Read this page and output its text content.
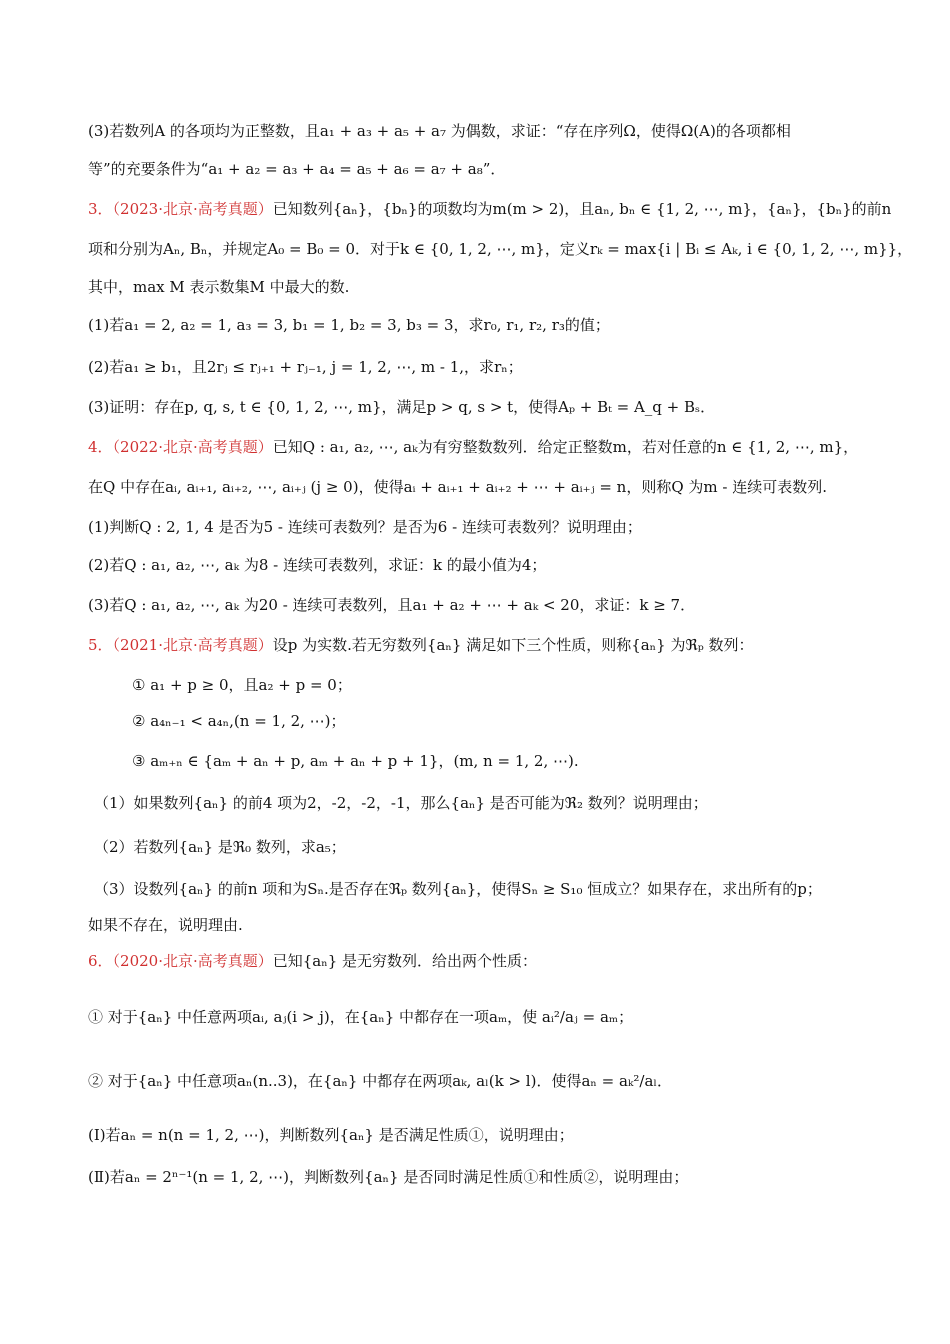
(3)若数列A 的各项均为正整数，且a₁ + a₃ + a₅ + a₇ 为偶数，求证：“存在序列Ω，使得Ω(A)的各项都相
等”的充要条件为“a₁ + a₂ = a₃ + a₄ = a₅ + a₆ = a₇ + a₈”．
3．（2023·北京·高考真题）已知数列{aₙ}，{bₙ}的项数均为m(m > 2)，且aₙ, bₙ ∈ {1, 2, ⋯, m}，{aₙ}，{bₙ}的前n
项和分别为Aₙ, Bₙ，并规定A₀ = B₀ = 0．对于k ∈ {0, 1, 2, ⋯, m}，定义rₖ = max{i | Bᵢ ≤ Aₖ, i ∈ {0, 1, 2, ⋯, m}}，
其中，max M 表示数集M 中最大的数.
(1)若a₁ = 2, a₂ = 1, a₃ = 3, b₁ = 1, b₂ = 3, b₃ = 3，求r₀, r₁, r₂, r₃的值；
(2)若a₁ ≥ b₁，且2rⱼ ≤ rⱼ₊₁ + rⱼ₋₁, j = 1, 2, ⋯, m - 1,，求rₙ；
(3)证明：存在p, q, s, t ∈ {0, 1, 2, ⋯, m}，满足p > q, s > t，使得Aₚ + Bₜ = A_q + Bₛ．
4．（2022·北京·高考真题）已知Q : a₁, a₂, ⋯, aₖ为有穷整数数列．给定正整数m，若对任意的n ∈ {1, 2, ⋯, m}，
在Q 中存在aᵢ, aᵢ₊₁, aᵢ₊₂, ⋯, aᵢ₊ⱼ (j ≥ 0)，使得aᵢ + aᵢ₊₁ + aᵢ₊₂ + ⋯ + aᵢ₊ⱼ = n，则称Q 为m - 连续可表数列.
(1)判断Q : 2, 1, 4 是否为5 - 连续可表数列？是否为6 - 连续可表数列？说明理由；
(2)若Q : a₁, a₂, ⋯, aₖ 为8 - 连续可表数列，求证：k 的最小值为4；
(3)若Q : a₁, a₂, ⋯, aₖ 为20 - 连续可表数列，且a₁ + a₂ + ⋯ + aₖ < 20，求证：k ≥ 7．
5．（2021·北京·高考真题）设p 为实数.若无穷数列{aₙ} 满足如下三个性质，则称{aₙ} 为ℜₚ 数列：
① a₁ + p ≥ 0，且a₂ + p = 0；
② a₄ₙ₋₁ < a₄ₙ,(n = 1, 2, ⋯)；
③ aₘ₊ₙ ∈ {aₘ + aₙ + p, aₘ + aₙ + p + 1}，(m, n = 1, 2, ⋯).
（1）如果数列{aₙ} 的前4 项为2，-2，-2，-1，那么{aₙ} 是否可能为ℜ₂ 数列？说明理由；
（2）若数列{aₙ} 是ℜ₀ 数列，求a₅；
（3）设数列{aₙ} 的前n 项和为Sₙ.是否存在ℜₚ 数列{aₙ}，使得Sₙ ≥ S₁₀ 恒成立？如果存在，求出所有的p；
如果不存在，说明理由.
6．（2020·北京·高考真题）已知{aₙ} 是无穷数列．给出两个性质：
① 对于{aₙ} 中任意两项aᵢ, aⱼ(i > j)，在{aₙ} 中都存在一项aₘ，使 aᵢ²/aⱼ = aₘ；
② 对于{aₙ} 中任意项aₙ(n..3)，在{aₙ} 中都存在两项aₖ, aₗ(k > l)．使得aₙ = aₖ²/aₗ．
(Ⅰ)若aₙ = n(n = 1, 2, ⋯)，判断数列{aₙ} 是否满足性质①，说明理由；
(Ⅱ)若aₙ = 2ⁿ⁻¹(n = 1, 2, ⋯)，判断数列{aₙ} 是否同时满足性质①和性质②，说明理由；
